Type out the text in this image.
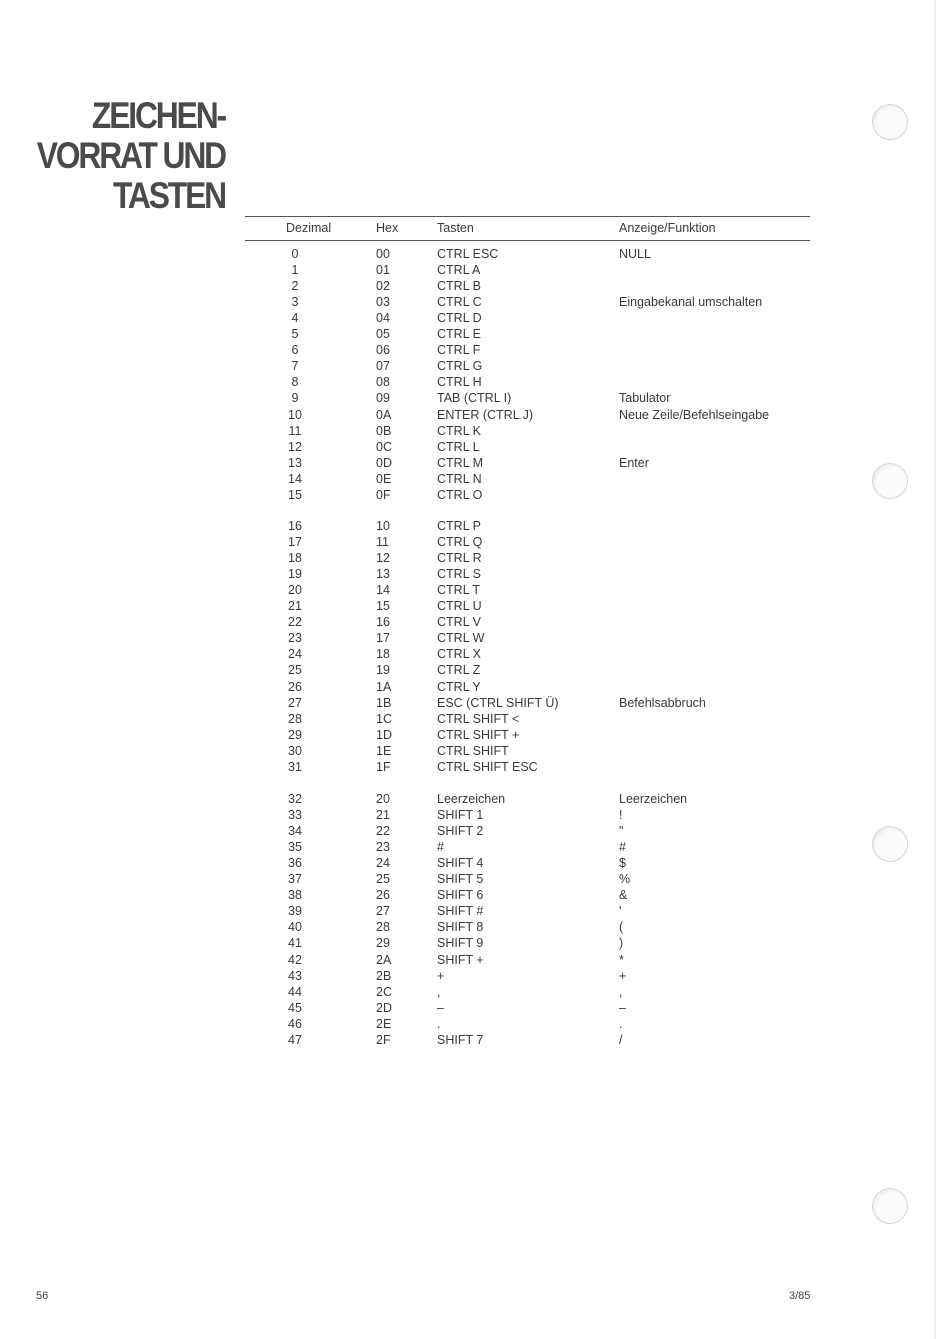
ZEICHEN-
VORRAT UND
TASTEN
Dezimal	Hex	Tasten	Anzeige/Funktion
0	00	CTRL ESC	NULL
1	01	CTRL A
2	02	CTRL B
3	03	CTRL C	Eingabekanal umschalten
4	04	CTRL D
5	05	CTRL E
6	06	CTRL F
7	07	CTRL G
8	08	CTRL H
9	09	TAB (CTRL I)	Tabulator
10	0A	ENTER (CTRL J)	Neue Zeile/Befehlseingabe
11	0B	CTRL K
12	0C	CTRL L
13	0D	CTRL M	Enter
14	0E	CTRL N
15	0F	CTRL O
16	10	CTRL P
17	11	CTRL Q
18	12	CTRL R
19	13	CTRL S
20	14	CTRL T
21	15	CTRL U
22	16	CTRL V
23	17	CTRL W
24	18	CTRL X
25	19	CTRL Z
26	1A	CTRL Y
27	1B	ESC (CTRL SHIFT Ü)	Befehlsabbruch
28	1C	CTRL SHIFT <
29	1D	CTRL SHIFT +
30	1E	CTRL SHIFT
31	1F	CTRL SHIFT ESC
32	20	Leerzeichen	Leerzeichen
33	21	SHIFT 1	!
34	22	SHIFT 2	"
35	23	#	#
36	24	SHIFT 4	$
37	25	SHIFT 5	%
38	26	SHIFT 6	&
39	27	SHIFT #	'
40	28	SHIFT 8	(
41	29	SHIFT 9	)
42	2A	SHIFT +	*
43	2B	+	+
44	2C	,	,
45	2D	–	–
46	2E	.	.
47	2F	SHIFT 7	/
56	3/85
